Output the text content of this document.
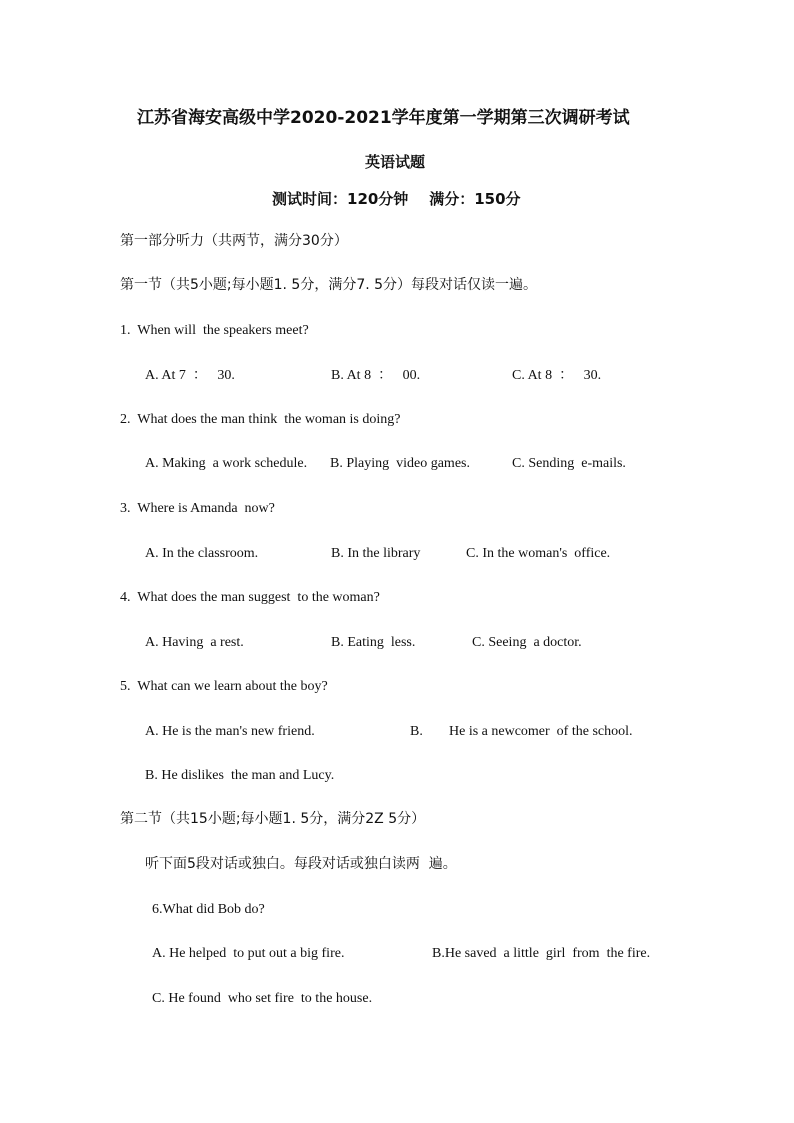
江苏省海安高级中学2020-2021学年度第一学期第三次调研考试
英语试题
测试时间：120分钟    满分：150分
第一部分听力（共两节，满分30分）
第一节（共5小题;每小题1. 5分，满分7. 5分）每段对话仅读一遍。
1.  When will  the speakers meet?
A. At 7  ：   30.	B. At 8  ：   00.	C. At 8  ：   30.
2.  What does the man think  the woman is doing?
A. Making  a work schedule. B. Playing  video games.	C. Sending  e-mails.
3.  Where is Amanda  now?
A. In the classroom.	B. In the library	C. In the woman's  office.
4.  What does the man suggest  to the woman?
A. Having  a rest.	B. Eating  less.	C. Seeing  a doctor.
5.  What can we learn about the boy?
A. He is the man's new friend.	B. He is a newcomer  of the school.
B. He dislikes  the man and Lucy.
第二节（共15小题;每小题1. 5分，满分2Z 5分）
听下面5段对话或独白。每段对话或独白读两  遍。
6.What did Bob do?
A. He helped  to put out a big fire.	B.He saved  a little  girl  from  the fire.
C. He found  who set fire  to the house.
